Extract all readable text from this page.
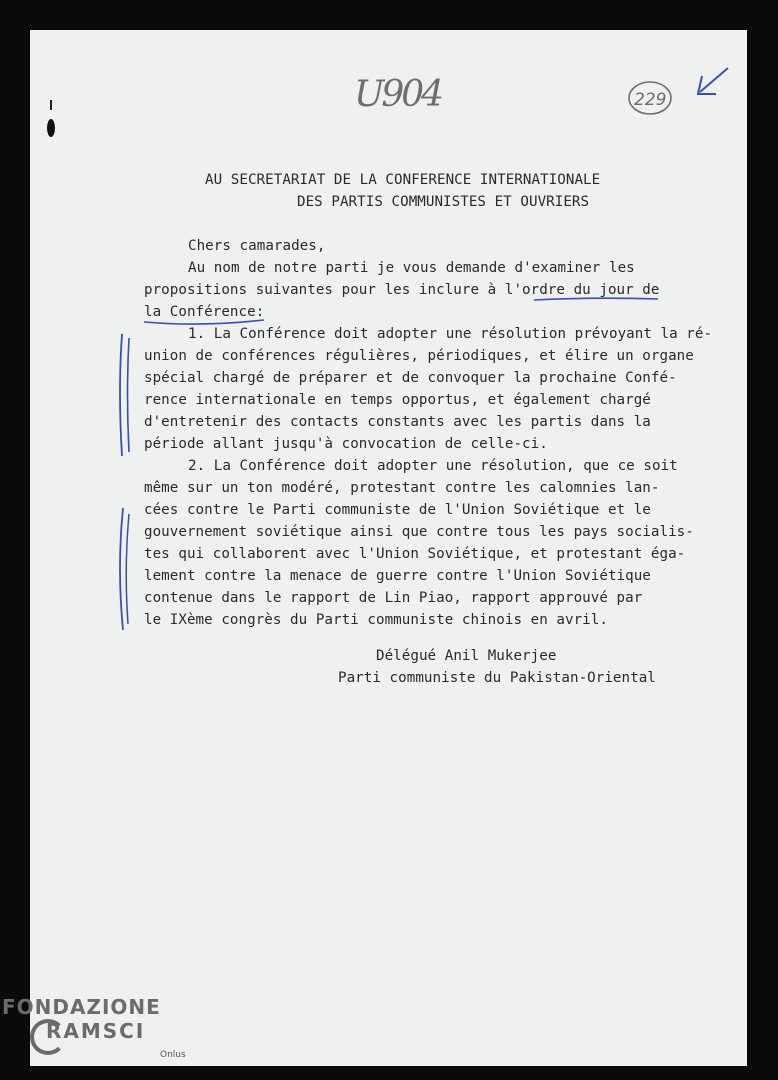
U904	229
AU SECRETARIAT DE LA CONFERENCE INTERNATIONALE
DES PARTIS COMMUNISTES ET OUVRIERS
Chers camarades,
Au nom de notre parti je vous demande d'examiner les
propositions suivantes pour les inclure à l'ordre du jour de
la Conférence:
1. La Conférence doit adopter une résolution prévoyant la ré-
union de conférences régulières, périodiques, et élire un organe
spécial chargé de préparer et de convoquer la prochaine Confé-
rence internationale en temps opportus, et également chargé
d'entretenir des contacts constants avec les partis dans la
période allant jusqu'à convocation de celle-ci.
2. La Conférence doit adopter une résolution, que ce soit
même sur un ton modéré, protestant contre les calomnies lan-
cées contre le Parti communiste de l'Union Soviétique et le
gouvernement soviétique ainsi que contre tous les pays socialis-
tes qui collaborent avec l'Union Soviétique, et protestant éga-
lement contre la menace de guerre contre l'Union Soviétique
contenue dans le rapport de Lin Piao, rapport approuvé par
le IXème congrès du Parti communiste chinois en avril.
Délégué Anil Mukerjee
Parti communiste du Pakistan-Oriental
FONDAZIONE
RAMSCI
Onlus
